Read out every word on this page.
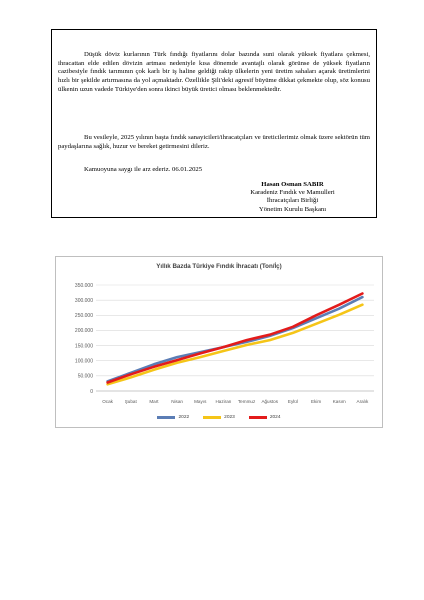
Düşük döviz kurlarının Türk fındığı fiyatlarını dolar bazında suni olarak yüksek fiyatlara çekmesi, ihracattan elde edilen dövizin artması nedeniyle kısa dönemde avantajlı olarak görünse de yüksek fiyatların cazibesiyle fındık tarımının çok karlı bir iş haline geldiği rakip ülkelerin yeni üretim sahaları açarak üretimlerini hızlı bir şekilde artırmasına da yol açmaktadır. Özellikle Şili'deki agresif büyüme dikkat çekmekte olup, söz konusu ülkenin uzun vadede Türkiye'den sonra ikinci büyük üretici olması beklenmektedir.

Bu vesileyle, 2025 yılının başta fındık sanayicileri/ihracatçıları ve üreticilerimiz olmak üzere sektörün tüm paydaşlarına sağlık, huzur ve bereket getirmesini dileriz.

Kamuoyuna saygı ile arz ederiz. 06.01.2025
Hasan Osman SABIR
Karadeniz Fındık ve Mamulleri
İhracatçıları Birliği
Yönetim Kurulu Başkanı
Yıllık Bazda Türkiye Fındık İhracatı (Ton/İç)
0
50.000
100.000
150.000
200.000
250.000
300.000
350.000
Ocak	Şubat	Mart	Nisan Mayıs Haziran Temmuz Ağustos Eylül	Ekim	Kasım Aralık
2022	2023	2024
